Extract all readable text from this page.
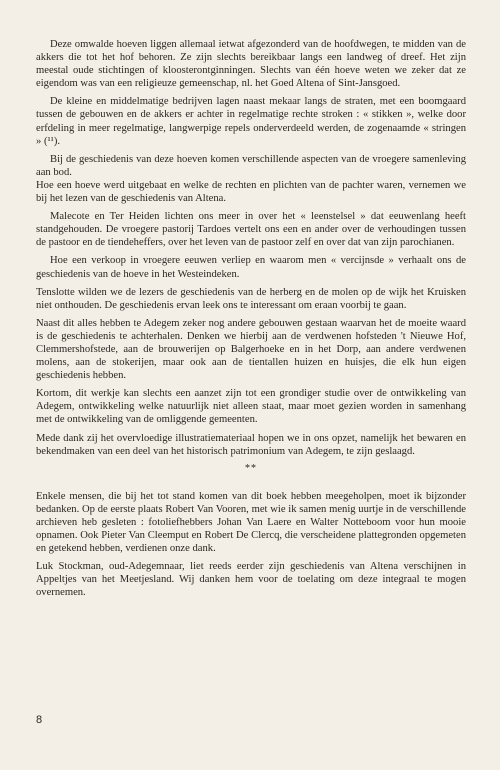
Deze omwalde hoeven liggen allemaal ietwat afgezonderd van de hoofdwegen, te midden van de akkers die tot het hof behoren. Ze zijn slechts bereikbaar langs een landweg of dreef. Het zijn meestal oude stichtingen of kloosterontginningen. Slechts van één hoeve weten we zeker dat ze eigendom was van een religieuze gemeenschap, nl. het Goed Altena of Sint-Jansgoed.

De kleine en middelmatige bedrijven lagen naast mekaar langs de straten, met een boomgaard tussen de gebouwen en de akkers er achter in regelmatige rechte stroken : « stikken », welke door erfdeling in meer regelmatige, langwerpige repels onderverdeeld werden, de zogenaamde « stringen » (¹¹).

Bij de geschiedenis van deze hoeven komen verschillende aspecten van de vroegere samenleving aan bod.

Hoe een hoeve werd uitgebaat en welke de rechten en plichten van de pachter waren, vernemen we bij het lezen van de geschiedenis van Altena.

Malecote en Ter Heiden lichten ons meer in over het « leenstelsel » dat eeuwenlang heeft standgehouden. De vroegere pastorij Tardoes vertelt ons een en ander over de verhoudingen tussen de pastoor en de tiendeheffers, over het leven van de pastoor zelf en over dat van zijn parochianen.

Hoe een verkoop in vroegere eeuwen verliep en waarom men « vercijnsde » verhaalt ons de geschiedenis van de hoeve in het Westeindeken.

Tenslotte wilden we de lezers de geschiedenis van de herberg en de molen op de wijk het Kruisken niet onthouden. De geschiedenis ervan leek ons te interessant om eraan voorbij te gaan.

Naast dit alles hebben te Adegem zeker nog andere gebouwen gestaan waarvan het de moeite waard is de geschiedenis te achterhalen. Denken we hierbij aan de verdwenen hofsteden 't Nieuwe Hof, Clemmershofstede, aan de brouwerijen op Balgerhoeke en in het Dorp, aan andere verdwenen molens, aan de stokerijen, maar ook aan de tientallen huizen en huisjes, die elk hun eigen geschiedenis hebben.

Kortom, dit werkje kan slechts een aanzet zijn tot een grondiger studie over de ontwikkeling van Adegem, ontwikkeling welke natuurlijk niet alleen staat, maar moet gezien worden in samenhang met de ontwikkeling van de omliggende gemeenten.

Mede dank zij het overvloedige illustratiemateriaal hopen we in ons opzet, namelijk het bewaren en bekendmaken van een deel van het historisch patrimonium van Adegem, te zijn geslaagd.

**

Enkele mensen, die bij het tot stand komen van dit boek hebben meegeholpen, moet ik bijzonder bedanken. Op de eerste plaats Robert Van Vooren, met wie ik samen menig uurtje in de verschillende archieven heb gesleten : fotoliefhebbers Johan Van Laere en Walter Notteboom voor hun mooie opnamen. Ook Pieter Van Cleemput en Robert De Clercq, die verscheidene plattegronden opgemeten en getekend hebben, verdienen onze dank.

Luk Stockman, oud-Adegemnaar, liet reeds eerder zijn geschiedenis van Altena verschijnen in Appeltjes van het Meetjesland. Wij danken hem voor de toelating om deze integraal te mogen overnemen.

8
